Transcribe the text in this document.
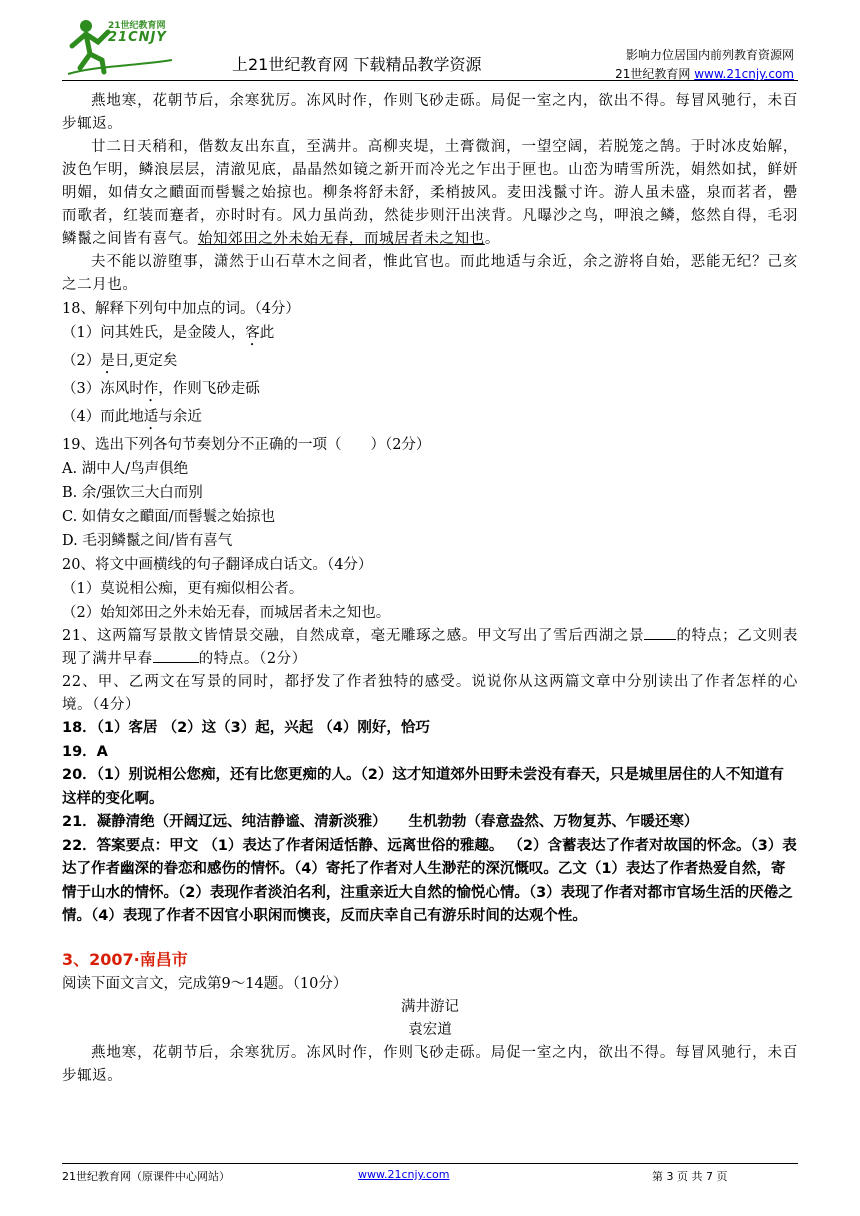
21世纪教育网
21CNJY
上21世纪教育网 下载精品教学资源	影响力位居国内前列教育资源网
21世纪教育网 www.21cnjy.com

燕地寒，花朝节后，余寒犹厉。冻风时作，作则飞砂走砾。局促一室之内，欲出不得。每冒风驰行，未百步辄返。

廿二日天稍和，偕数友出东直，至满井。高柳夹堤，土膏微润，一望空阔，若脱笼之鹄。于时冰皮始解，波色乍明，鳞浪层层，清澈见底，晶晶然如镜之新开而冷光之乍出于匣也。山峦为晴雪所洗，娟然如拭，鲜妍明媚，如倩女之靧面而髻鬟之始掠也。柳条将舒未舒，柔梢披风。麦田浅鬣寸许。游人虽未盛，泉而茗者，罍而歌者，红装而蹇者，亦时时有。风力虽尚劲，然徒步则汗出浃背。凡曝沙之鸟，呷浪之鳞，悠然自得，毛羽鳞鬣之间皆有喜气。始知郊田之外未始无春，而城居者未之知也。

夫不能以游堕事，潇然于山石草木之间者，惟此官也。而此地适与余近，余之游将自始，恶能无纪？己亥之二月也。

18、解释下列句中加点的词。（4分）

（1）问其姓氏，是金陵人，客此

（2）是日,更定矣

（3）冻风时作，作则飞砂走砾

（4）而此地适与余近

19、选出下列各句节奏划分不正确的一项（　　）（2分）

A. 湖中人/鸟声俱绝

B. 余/强饮三大白而别

C. 如倩女之靧面/而髻鬟之始掠也

D. 毛羽鳞鬣之间/皆有喜气

20、将文中画横线的句子翻译成白话文。（4分）

（1）莫说相公痴，更有痴似相公者。

（2）始知郊田之外未始无春，而城居者未之知也。

21、这两篇写景散文皆情景交融，自然成章，毫无雕琢之感。甲文写出了雪后西湖之景 的特点；乙文则表现了满井早春	的特点。（2分）

22、甲、乙两文在写景的同时，都抒发了作者独特的感受。说说你从这两篇文章中分别读出了作者怎样的心境。（4分）

18．（1）客居 （2）这（3）起，兴起 （4）刚好，恰巧

19．A

20．（1）别说相公您痴，还有比您更痴的人。（2）这才知道郊外田野未尝没有春天，只是城里居住的人不知道有这样的变化啊。

21．凝静清绝（开阔辽远、纯洁静谧、清新淡雅）　　生机勃勃（春意盎然、万物复苏、乍暖还寒）

22．答案要点：甲文 （1）表达了作者闲适恬静、远离世俗的雅趣。 （2）含蓄表达了作者对故国的怀念。（3）表达了作者幽深的眷恋和感伤的情怀。（4）寄托了作者对人生渺茫的深沉慨叹。乙文（1）表达了作者热爱自然，寄情于山水的情怀。（2）表现作者淡泊名利，注重亲近大自然的愉悦心情。（3）表现了作者对都市官场生活的厌倦之情。（4）表现了作者不因官小职闲而懊丧，反而庆幸自己有游乐时间的达观个性。

3、2007·南昌市

阅读下面文言文，完成第9～14题。（10分）

满井游记

袁宏道

燕地寒，花朝节后，余寒犹厉。冻风时作，作则飞砂走砾。局促一室之内，欲出不得。每冒风驰行，未百步辄返。

21世纪教育网（原课件中心网站）	www.21cnjy.com	第 3 页 共 7 页
